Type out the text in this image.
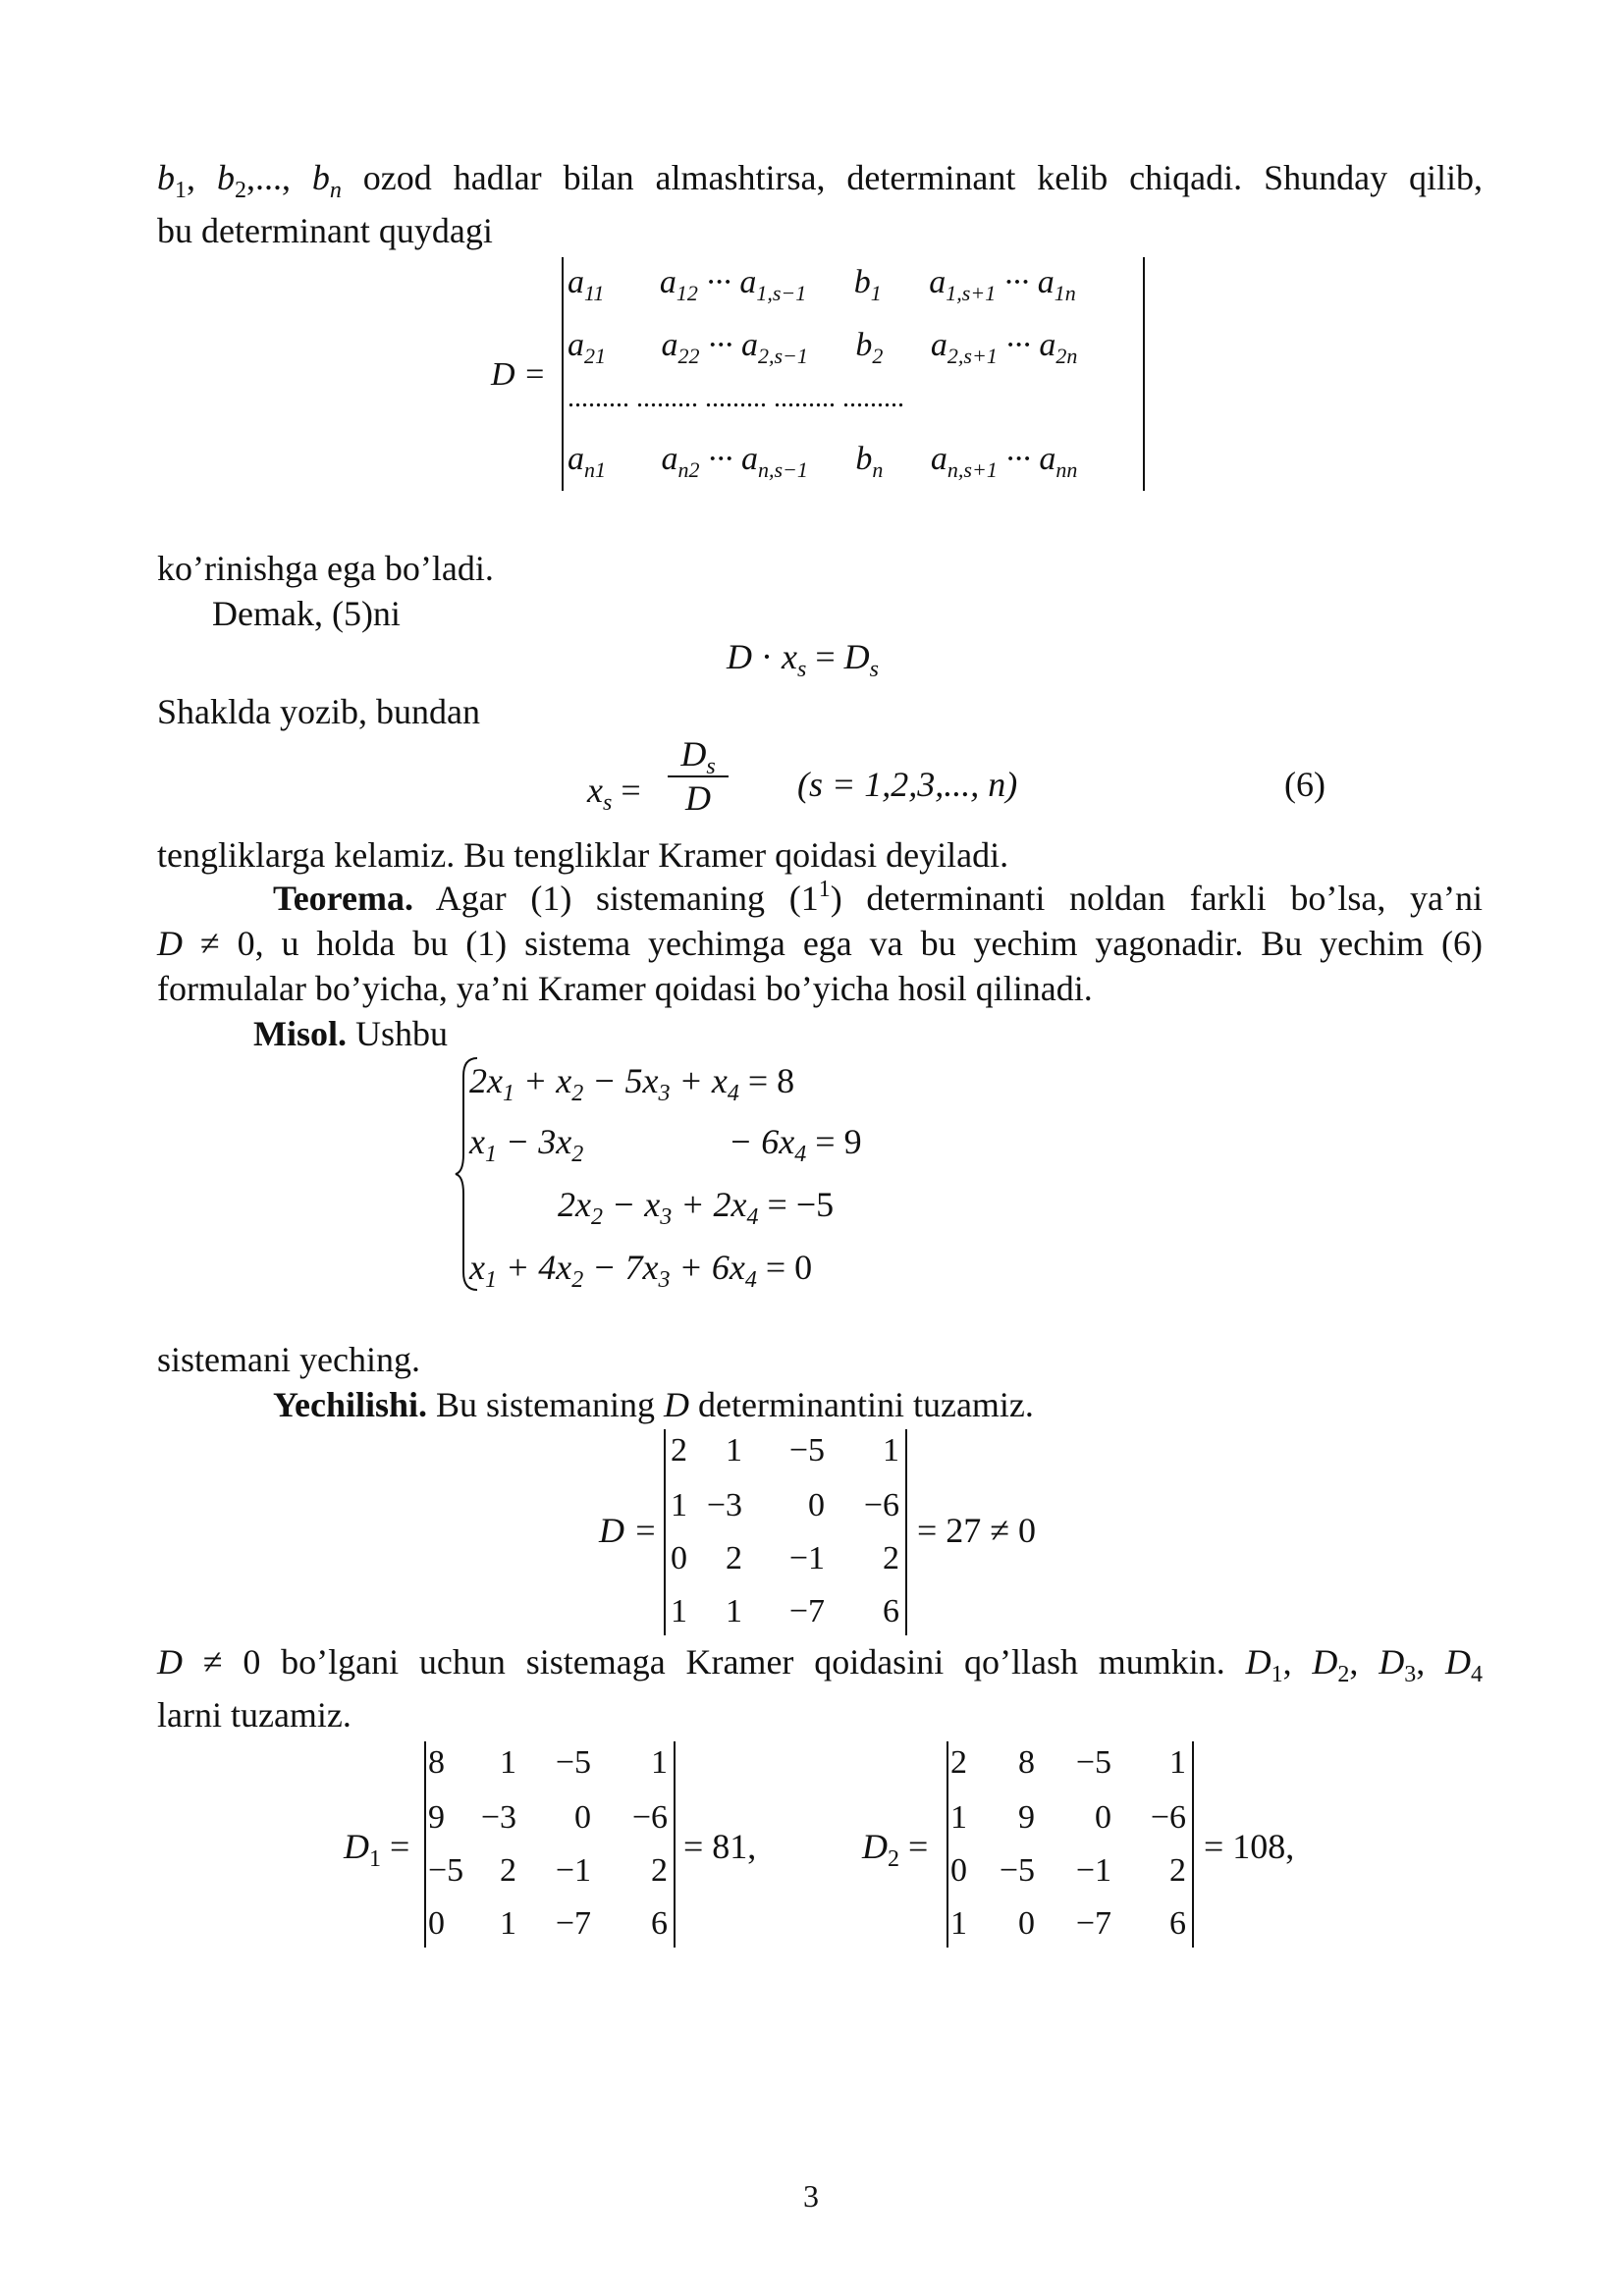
$b_1$, $b_2$,..., $b_n$ ozod hadlar bilan almashtirsa, determinant kelib chiqadi. Shunday qilib,
bu determinant quydagi
D =
$a_{11}$ $a_{12}$ ··· $a_{1,s-1}$ $b_1$ $a_{1,s+1}$ ··· $a_{1n}$
$a_{21}$ $a_{22}$ ··· $a_{2,s-1}$ $b_2$ $a_{2,s+1}$ ··· $a_{2n}$
......... ......... ......... ......... .........
$a_{n1}$ $a_{n2}$ ··· $a_{n,s-1}$ $b_n$ $a_{n,s+1}$ ··· $a_{nn}$
ko’rinishga ega bo’ladi.
Demak, (5)ni
$D \cdot x_s = D_s$
Shaklda yozib, bundan
$x_s$ =
$D_s$
D	(s = 1,2,3,..., n)	(6)
tengliklarga kelamiz. Bu tengliklar Kramer qoidasi deyiladi.
Teorema. Agar (1) sistemaning $(1^1)$ determinanti noldan farkli bo’lsa, ya’ni
D ≠ 0, u holda bu (1) sistema yechimga ega va bu yechim yagonadir. Bu yechim (6)
formulalar bo’yicha, ya’ni Kramer qoidasi bo’yicha hosil qilinadi.
Misol. Ushbu
$2x_1 + x_2 - 5x_3 + x_4 = 8$
$x_1 - 3x_2$	− $6x_4 = 9$
$2x_2 - x_3 + 2x_4 = -5$
$x_1 + 4x_2 - 7x_3 + 6x_4 = 0$
sistemani yeching.
Yechilishi. Bu sistemaning D determinantini tuzamiz.
D =
2	1	−5	1
1 −3	0	−6
0	2	−1	2
1	1	−7	6
= 27 ≠ 0
D ≠ 0 bo’lgani uchun sistemaga Kramer qoidasini qo’llash mumkin. $D_1$, $D_2$, $D_3$, $D_4$
larni tuzamiz.
$D_1$ =
8	1	−5	1
9	−3	0	−6
−5	2	−1	2
0	1	−7	6
= 81,	$D_2$ =
2	8	−5	1
1	9	0	−6
0 −5	−1	2
1	0	−7	6
= 108,
3
